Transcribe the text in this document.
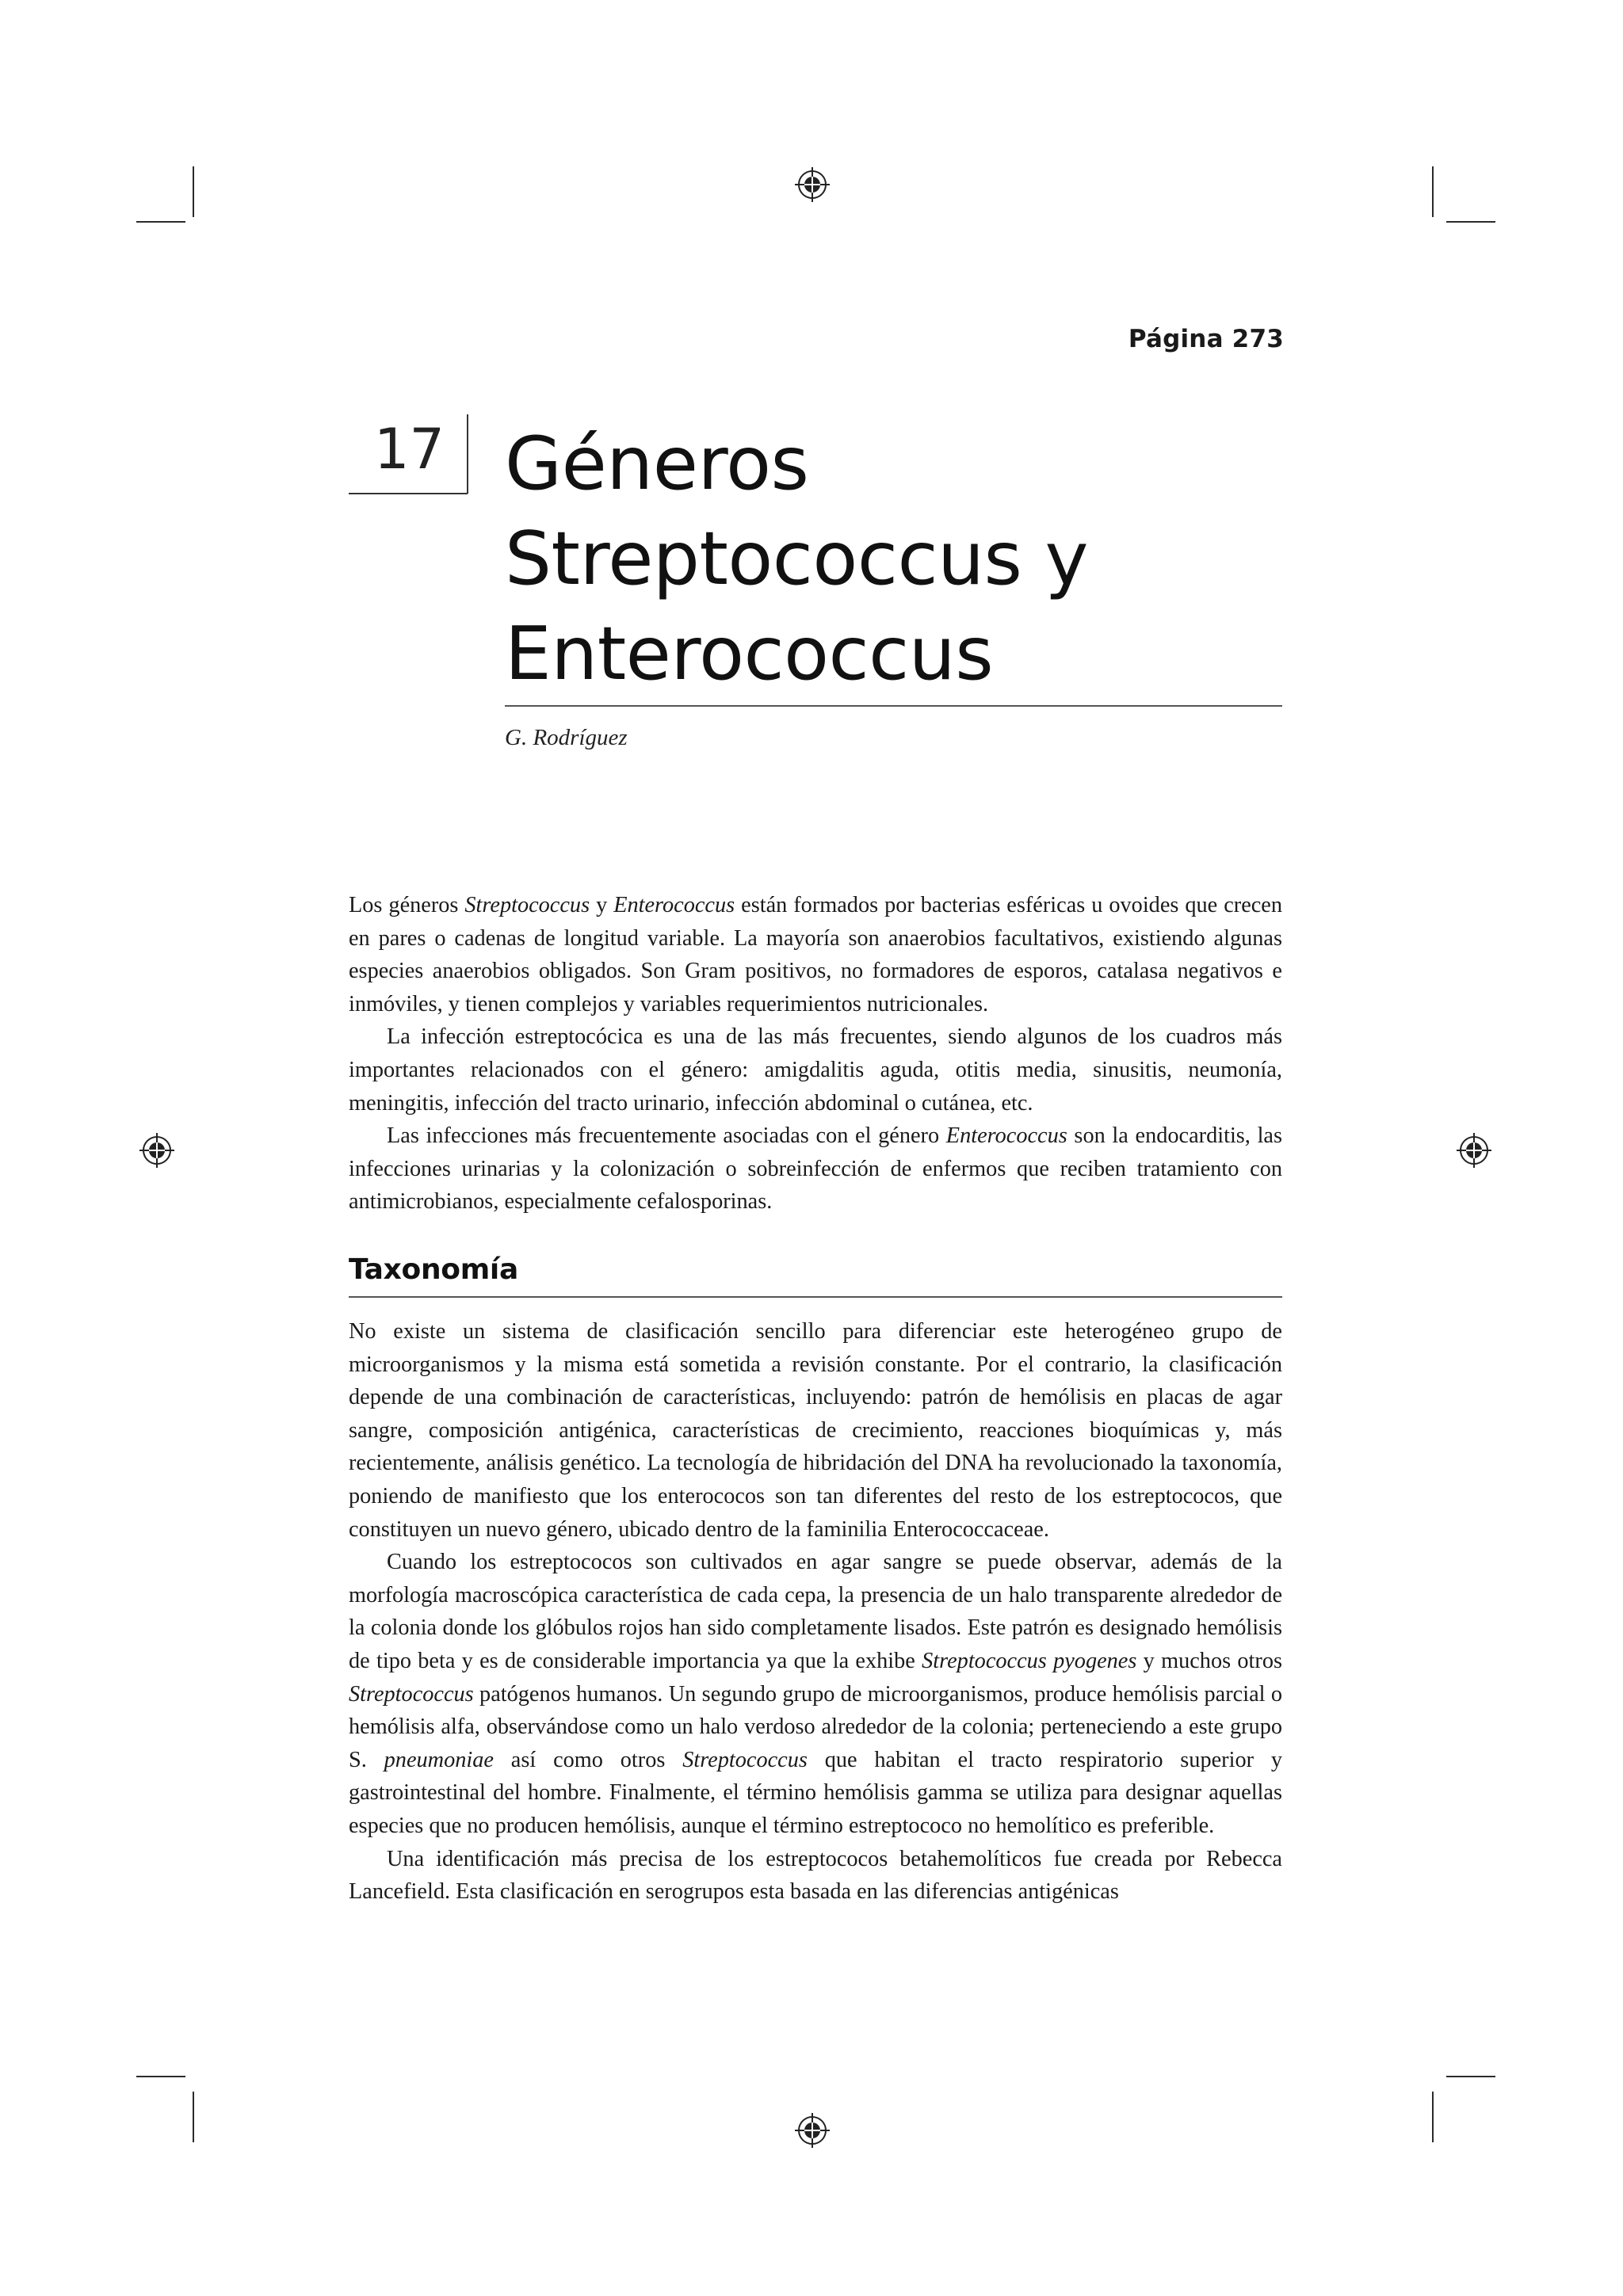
Página 273
17 Géneros
Streptococcus y
Enterococcus
G. Rodríguez

Los géneros Streptococcus y Enterococcus están formados por bacterias esféricas u ovoides que crecen en pares o cadenas de longitud variable. La mayoría son anaerobios facultativos, existiendo algunas especies anaerobios obligados. Son Gram positivos, no formadores de esporos, catalasa negativos e inmóviles, y tienen complejos y variables requerimientos nutricionales.

La infección estreptocócica es una de las más frecuentes, siendo algunos de los cuadros más importantes relacionados con el género: amigdalitis aguda, otitis media, sinusitis, neumonía, meningitis, infección del tracto urinario, infección abdominal o cutánea, etc.

Las infecciones más frecuentemente asociadas con el género Enterococcus son la endocarditis, las infecciones urinarias y la colonización o sobreinfección de enfermos que reciben tratamiento con antimicrobianos, especialmente cefalosporinas.

Taxonomía

No existe un sistema de clasificación sencillo para diferenciar este heterogéneo grupo de microorganismos y la misma está sometida a revisión constante. Por el contrario, la clasificación depende de una combinación de características, incluyendo: patrón de hemólisis en placas de agar sangre, composición antigénica, características de crecimiento, reacciones bioquímicas y, más recientemente, análisis genético. La tecnología de hibridación del DNA ha revolucionado la taxonomía, poniendo de manifiesto que los enterococos son tan diferentes del resto de los estreptococos, que constituyen un nuevo género, ubicado dentro de la faminilia Enterococcaceae.

Cuando los estreptococos son cultivados en agar sangre se puede observar, además de la morfología macroscópica característica de cada cepa, la presencia de un halo transparente alrededor de la colonia donde los glóbulos rojos han sido completamente lisados. Este patrón es designado hemólisis de tipo beta y es de considerable importancia ya que la exhibe Streptococcus pyogenes y muchos otros Streptococcus patógenos humanos. Un segundo grupo de microorganismos, produce hemólisis parcial o hemólisis alfa, observándose como un halo verdoso alrededor de la colonia; perteneciendo a este grupo S. pneumoniae así como otros Streptococcus que habitan el tracto respiratorio superior y gastrointestinal del hombre. Finalmente, el término hemólisis gamma se utiliza para designar aquellas especies que no producen hemólisis, aunque el término estreptococo no hemolítico es preferible.

Una identificación más precisa de los estreptococos betahemolíticos fue creada por Rebecca Lancefield. Esta clasificación en serogrupos esta basada en las diferencias antigénicas
